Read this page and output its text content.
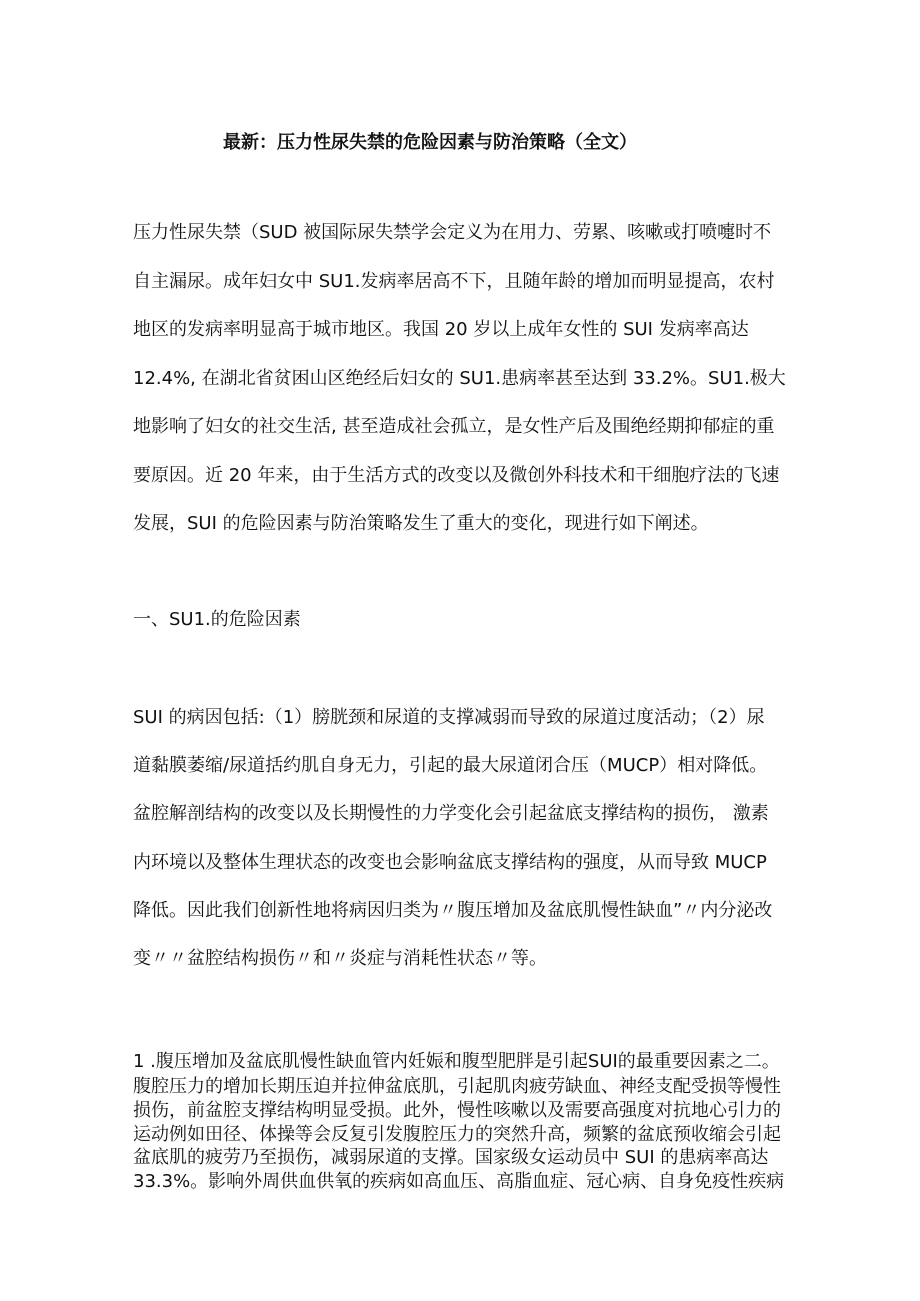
最新：压力性尿失禁的危险因素与防治策略（全文）
压力性尿失禁（SUD 被国际尿失禁学会定义为在用力、劳累、咳嗽或打喷嚏时不
自主漏尿。成年妇女中 SU1.发病率居高不下，且随年龄的增加而明显提高，农村
地区的发病率明显高于城市地区。我国 20 岁以上成年女性的 SUI 发病率高达
12.4%, 在湖北省贫困山区绝经后妇女的 SU1.患病率甚至达到 33.2%。SU1.极大
地影响了妇女的社交生活, 甚至造成社会孤立，是女性产后及围绝经期抑郁症的重
要原因。近 20 年来，由于生活方式的改变以及微创外科技术和干细胞疗法的飞速
发展，SUI 的危险因素与防治策略发生了重大的变化，现进行如下阐述。
一、SU1.的危险因素
SUI 的病因包括:（1）膀胱颈和尿道的支撑减弱而导致的尿道过度活动；（2）尿
道黏膜萎缩/尿道括约肌自身无力，引起的最大尿道闭合压（MUCP）相对降低。
盆腔解剖结构的改变以及长期慢性的力学变化会引起盆底支撑结构的损伤， 激素
内环境以及整体生理状态的改变也会影响盆底支撑结构的强度，从而导致 MUCP
降低。因此我们创新性地将病因归类为〃腹压增加及盆底肌慢性缺血”〃内分泌改
变〃〃盆腔结构损伤〃和〃炎症与消耗性状态〃等。
1 .腹压增加及盆底肌慢性缺血管内妊娠和腹型肥胖是引起SUI的最重要因素之二。
腹腔压力的增加长期压迫并拉伸盆底肌，引起肌肉疲劳缺血、神经支配受损等慢性
损伤，前盆腔支撑结构明显受损。此外，慢性咳嗽以及需要高强度对抗地心引力的
运动例如田径、体操等会反复引发腹腔压力的突然升高，频繁的盆底预收缩会引起
盆底肌的疲劳乃至损伤，减弱尿道的支撑。国家级女运动员中 SUI 的患病率高达
33.3%。影响外周供血供氧的疾病如高血压、高脂血症、冠心病、自身免疫性疾病
